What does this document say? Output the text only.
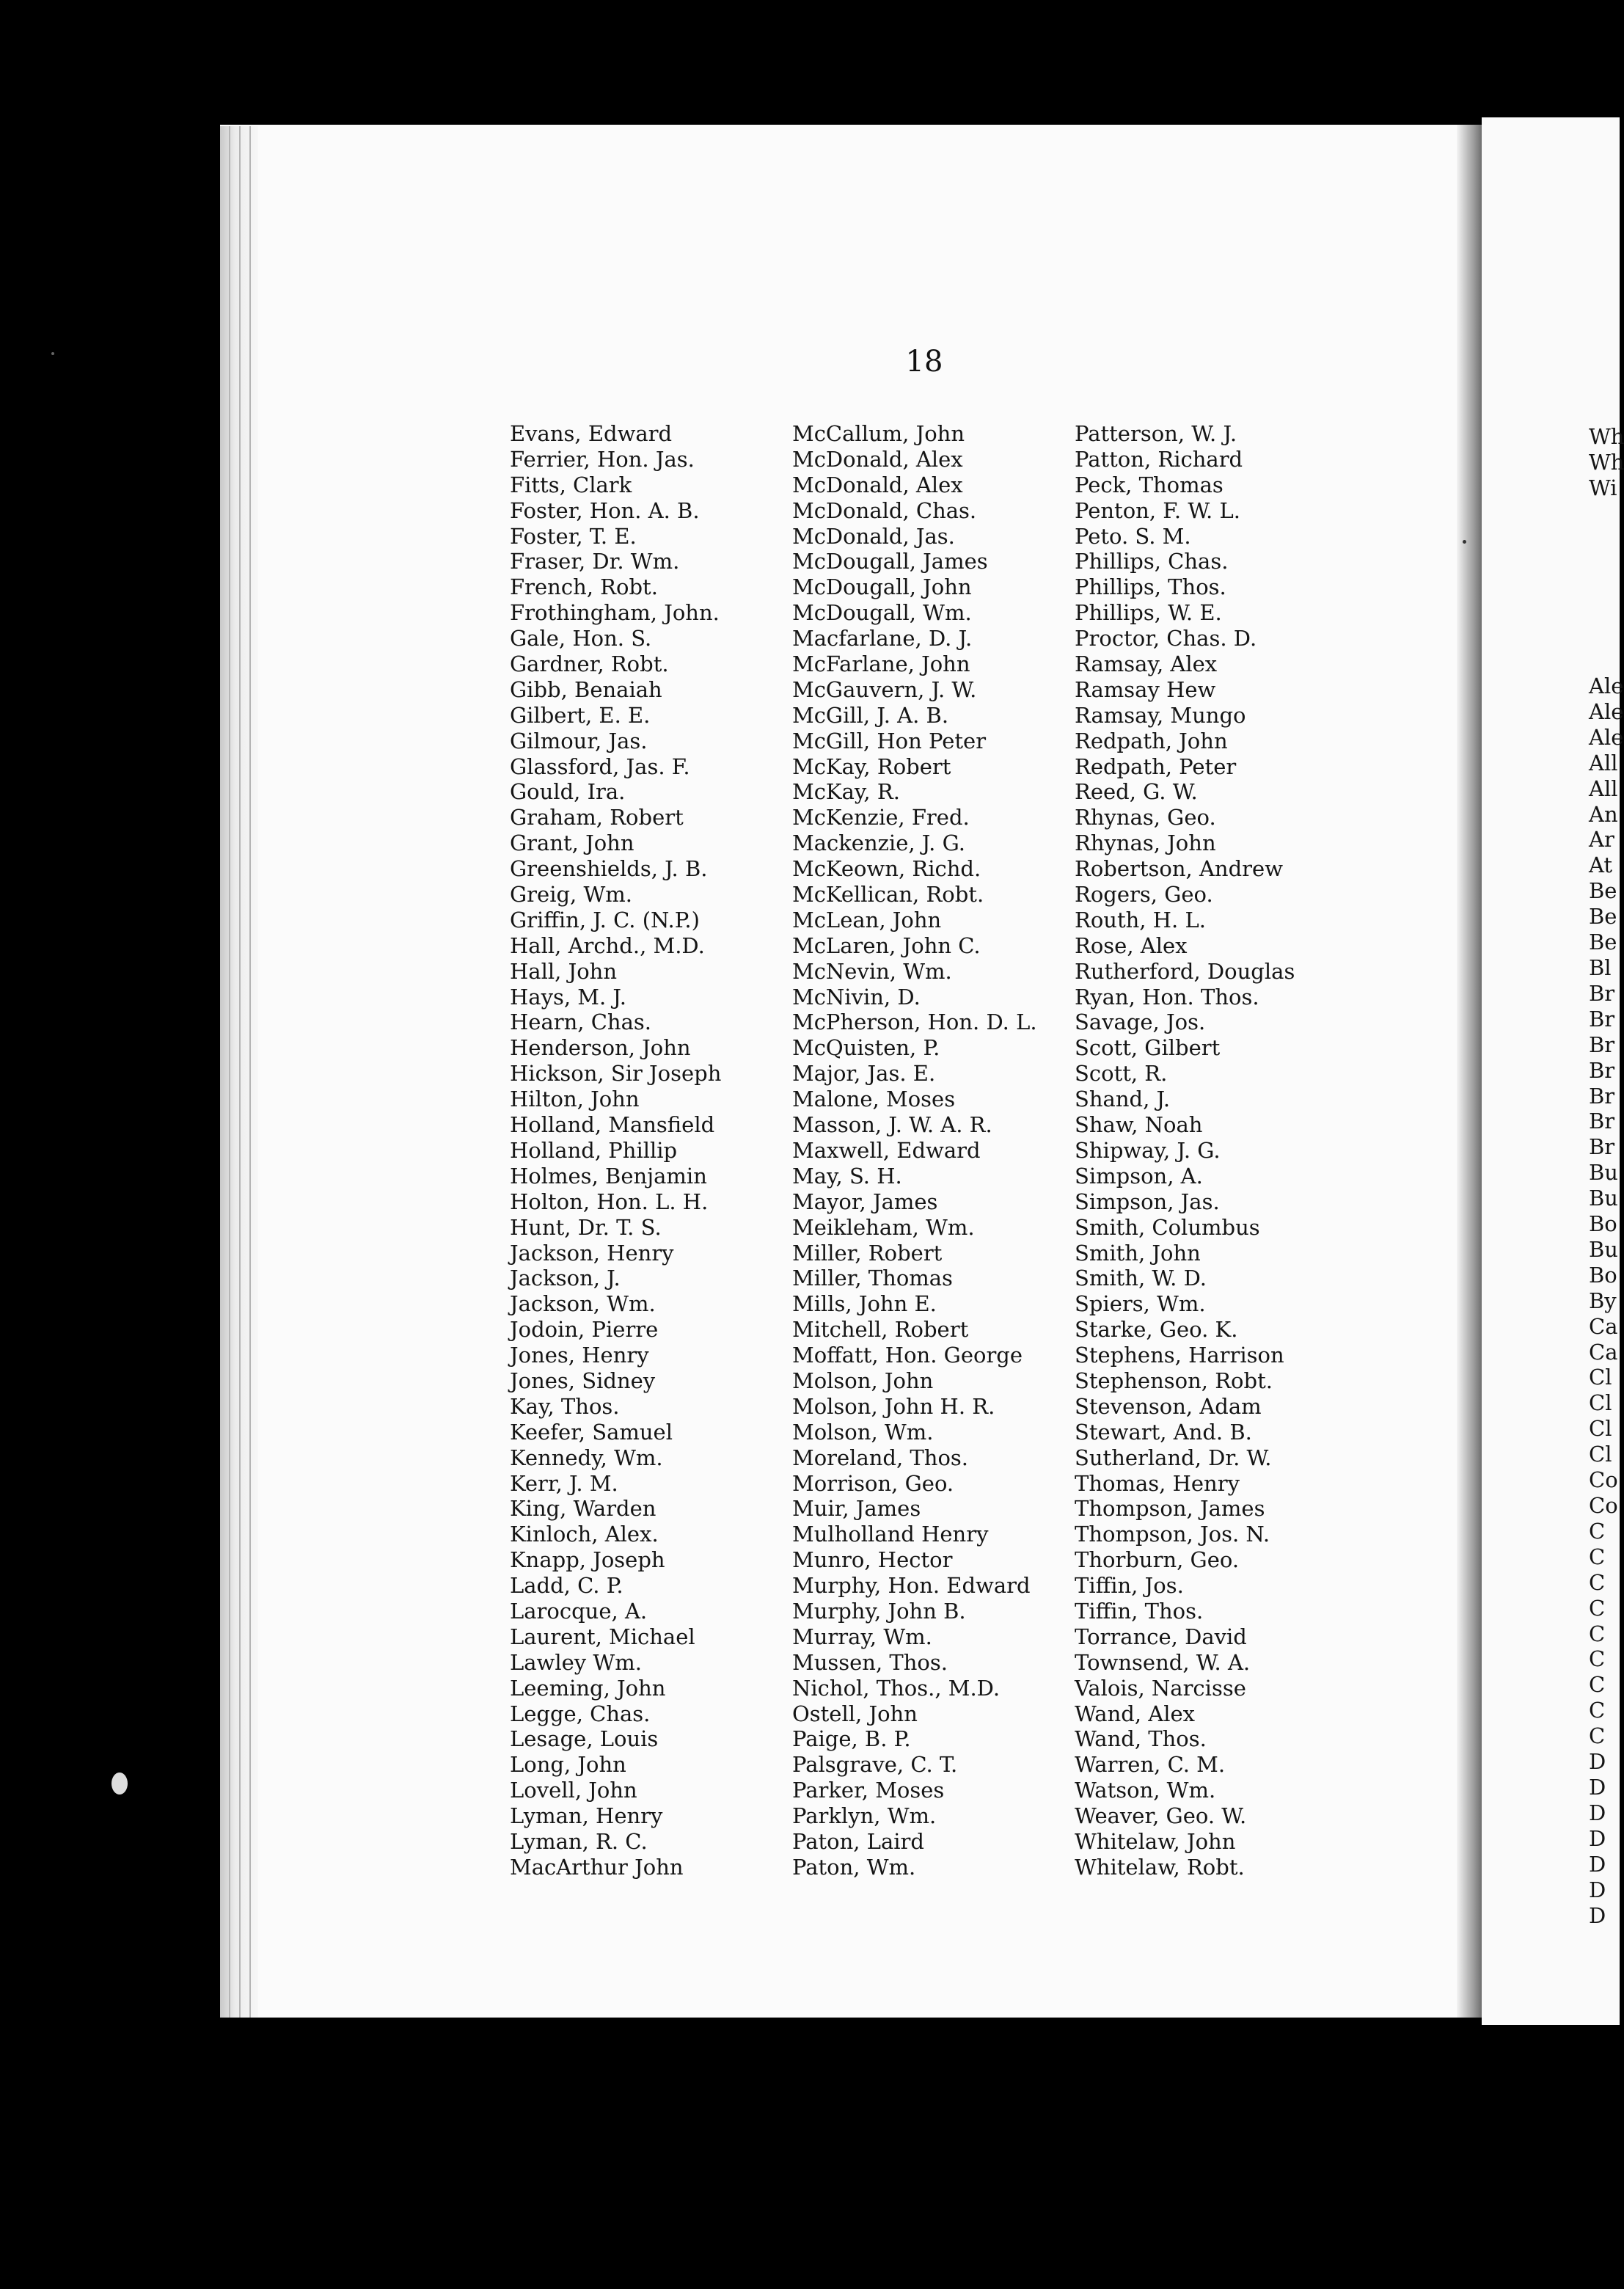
18
Evans, Edward
Ferrier, Hon. Jas.
Fitts, Clark
Foster, Hon. A. B.
Foster, T. E.
Fraser, Dr. Wm.
French, Robt.
Frothingham, John.
Gale, Hon. S.
Gardner, Robt.
Gibb, Benaiah
Gilbert, E. E.
Gilmour, Jas.
Glassford, Jas. F.
Gould, Ira.
Graham, Robert
Grant, John
Greenshields, J. B.
Greig, Wm.
Griffin, J. C. (N.P.)
Hall, Archd., M.D.
Hall, John
Hays, M. J.
Hearn, Chas.
Henderson, John
Hickson, Sir Joseph
Hilton, John
Holland, Mansfield
Holland, Phillip
Holmes, Benjamin
Holton, Hon. L. H.
Hunt, Dr. T. S.
Jackson, Henry
Jackson, J.
Jackson, Wm.
Jodoin, Pierre
Jones, Henry
Jones, Sidney
Kay, Thos.
Keefer, Samuel
Kennedy, Wm.
Kerr, J. M.
King, Warden
Kinloch, Alex.
Knapp, Joseph
Ladd, C. P.
Larocque, A.
Laurent, Michael
Lawley Wm.
Leeming, John
Legge, Chas.
Lesage, Louis
Long, John
Lovell, John
Lyman, Henry
Lyman, R. C.
MacArthur John
McCallum, John
McDonald, Alex
McDonald, Alex
McDonald, Chas.
McDonald, Jas.
McDougall, James
McDougall, John
McDougall, Wm.
Macfarlane, D. J.
McFarlane, John
McGauvern, J. W.
McGill, J. A. B.
McGill, Hon Peter
McKay, Robert
McKay, R.
McKenzie, Fred.
Mackenzie, J. G.
McKeown, Richd.
McKellican, Robt.
McLean, John
McLaren, John C.
McNevin, Wm.
McNivin, D.
McPherson, Hon. D. L.
McQuisten, P.
Major, Jas. E.
Malone, Moses
Masson, J. W. A. R.
Maxwell, Edward
May, S. H.
Mayor, James
Meikleham, Wm.
Miller, Robert
Miller, Thomas
Mills, John E.
Mitchell, Robert
Moffatt, Hon. George
Molson, John
Molson, John H. R.
Molson, Wm.
Moreland, Thos.
Morrison, Geo.
Muir, James
Mulholland Henry
Munro, Hector
Murphy, Hon. Edward
Murphy, John B.
Murray, Wm.
Mussen, Thos.
Nichol, Thos., M.D.
Ostell, John
Paige, B. P.
Palsgrave, C. T.
Parker, Moses
Parklyn, Wm.
Paton, Laird
Paton, Wm.
Patterson, W. J.
Patton, Richard
Peck, Thomas
Penton, F. W. L.
Peto. S. M.
Phillips, Chas.
Phillips, Thos.
Phillips, W. E.
Proctor, Chas. D.
Ramsay, Alex
Ramsay Hew
Ramsay, Mungo
Redpath, John
Redpath, Peter
Reed, G. W.
Rhynas, Geo.
Rhynas, John
Robertson, Andrew
Rogers, Geo.
Routh, H. L.
Rose, Alex
Rutherford, Douglas
Ryan, Hon. Thos.
Savage, Jos.
Scott, Gilbert
Scott, R.
Shand, J.
Shaw, Noah
Shipway, J. G.
Simpson, A.
Simpson, Jas.
Smith, Columbus
Smith, John
Smith, W. D.
Spiers, Wm.
Starke, Geo. K.
Stephens, Harrison
Stephenson, Robt.
Stevenson, Adam
Stewart, And. B.
Sutherland, Dr. W.
Thomas, Henry
Thompson, James
Thompson, Jos. N.
Thorburn, Geo.
Tiffin, Jos.
Tiffin, Thos.
Torrance, David
Townsend, W. A.
Valois, Narcisse
Wand, Alex
Wand, Thos.
Warren, C. M.
Watson, Wm.
Weaver, Geo. W.
Whitelaw, John
Whitelaw, Robt.
Wh
Wh
Wi
Ale
Ale
Ale
All
All
An
Ar
At
Be
Be
Be
Bl
Br
Br
Br
Br
Br
Br
Br
Bu
Bu
Bo
Bu
Bo
By
Ca
Ca
Cl
Cl
Cl
Cl
Co
Co
C
C
C
C
C
C
C
C
C
D
D
D
D
D
D
D
